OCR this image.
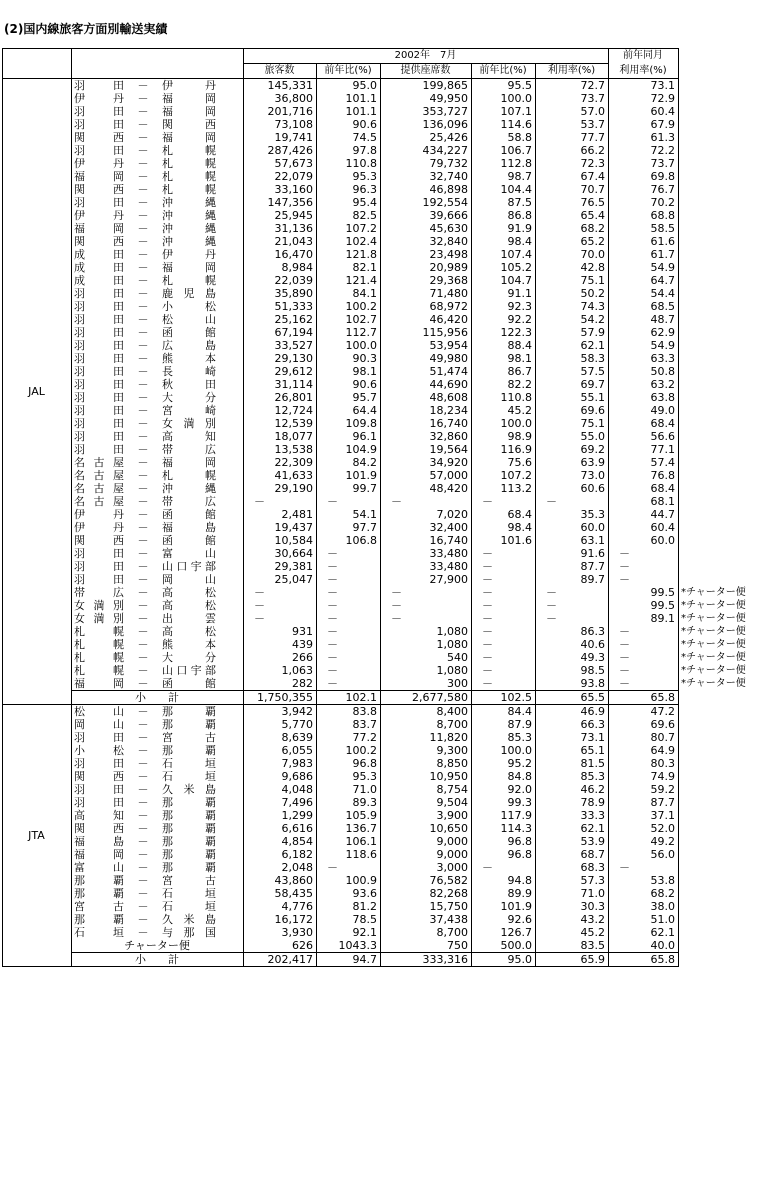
(2)国内線旅客方面別輸送実績
		2002年　7月					前年同月	
		旅客数	前年比(%)	提供座席数	前年比(%)	利用率(%)	利用率(%)	
JAL	羽田 － 伊丹	145,331	95.0	199,865	95.5	72.7	73.1	

	伊丹 － 福岡	36,800	101.1	49,950	100.0	73.7	72.9	

	羽田 － 福岡	201,716	101.1	353,727	107.1	57.0	60.4	

	羽田 － 関西	73,108	90.6	136,096	114.6	53.7	67.9	

	関西 － 福岡	19,741	74.5	25,426	58.8	77.7	61.3	

	羽田 － 札幌	287,426	97.8	434,227	106.7	66.2	72.2	

	伊丹 － 札幌	57,673	110.8	79,732	112.8	72.3	73.7	

	福岡 － 札幌	22,079	95.3	32,740	98.7	67.4	69.8	

	関西 － 札幌	33,160	96.3	46,898	104.4	70.7	76.7	

	羽田 － 沖縄	147,356	95.4	192,554	87.5	76.5	70.2	

	伊丹 － 沖縄	25,945	82.5	39,666	86.8	65.4	68.8	

	福岡 － 沖縄	31,136	107.2	45,630	91.9	68.2	58.5	

	関西 － 沖縄	21,043	102.4	32,840	98.4	65.2	61.6	

	成田 － 伊丹	16,470	121.8	23,498	107.4	70.0	61.7	

	成田 － 福岡	8,984	82.1	20,989	105.2	42.8	54.9	

	成田 － 札幌	22,039	121.4	29,368	104.7	75.1	64.7	

	羽田 － 鹿児島	35,890	84.1	71,480	91.1	50.2	54.4	

	羽田 － 小松	51,333	100.2	68,972	92.3	74.3	68.5	

	羽田 － 松山	25,162	102.7	46,420	92.2	54.2	48.7	

	羽田 － 函館	67,194	112.7	115,956	122.3	57.9	62.9	

	羽田 － 広島	33,527	100.0	53,954	88.4	62.1	54.9	

	羽田 － 熊本	29,130	90.3	49,980	98.1	58.3	63.3	

	羽田 － 長崎	29,612	98.1	51,474	86.7	57.5	50.8	

	羽田 － 秋田	31,114	90.6	44,690	82.2	69.7	63.2	

	羽田 － 大分	26,801	95.7	48,608	110.8	55.1	63.8	

	羽田 － 宮崎	12,724	64.4	18,234	45.2	69.6	49.0	

	羽田 － 女満別	12,539	109.8	16,740	100.0	75.1	68.4	

	羽田 － 高知	18,077	96.1	32,860	98.9	55.0	56.6	

	羽田 － 帯広	13,538	104.9	19,564	116.9	69.2	77.1	

	名古屋 － 福岡	22,309	84.2	34,920	75.6	63.9	57.4	

	名古屋 － 札幌	41,633	101.9	57,000	107.2	73.0	76.8	

	名古屋 － 沖縄	29,190	99.7	48,420	113.2	60.6	68.4	

	名古屋 － 帯広	－	－	－	－	－	68.1	

	伊丹 － 函館	2,481	54.1	7,020	68.4	35.3	44.7	

	伊丹 － 福島	19,437	97.7	32,400	98.4	60.0	60.4	

	関西 － 函館	10,584	106.8	16,740	101.6	63.1	60.0	

	羽田 － 富山	30,664	－	33,480	－	91.6	－	

	羽田 － 山口宇部	29,381	－	33,480	－	87.7	－	

	羽田 － 岡山	25,047	－	27,900	－	89.7	－	

	帯広 － 高松	－	－	－	－	－	99.5	*チャーター便

	女満別 － 高松	－	－	－	－	－	99.5	*チャーター便

	女満別 － 出雲	－	－	－	－	－	89.1	*チャーター便

	札幌 － 高松	931	－	1,080	－	86.3	－	*チャーター便

	札幌 － 熊本	439	－	1,080	－	40.6	－	*チャーター便

	札幌 － 大分	266	－	540	－	49.3	－	*チャーター便

	札幌 － 山口宇部	1,063	－	1,080	－	98.5	－	*チャーター便

	福岡 － 函館	282	－	300	－	93.8	－	*チャーター便
	小　　計	1,750,355	102.1	2,677,580	102.5	65.5	65.8	
JTA	松山 － 那覇	3,942	83.8	8,400	84.4	46.9	47.2	

	岡山 － 那覇	5,770	83.7	8,700	87.9	66.3	69.6	

	羽田 － 宮古	8,639	77.2	11,820	85.3	73.1	80.7	

	小松 － 那覇	6,055	100.2	9,300	100.0	65.1	64.9	

	羽田 － 石垣	7,983	96.8	8,850	95.2	81.5	80.3	

	関西 － 石垣	9,686	95.3	10,950	84.8	85.3	74.9	

	羽田 － 久米島	4,048	71.0	8,754	92.0	46.2	59.2	

	羽田 － 那覇	7,496	89.3	9,504	99.3	78.9	87.7	

	高知 － 那覇	1,299	105.9	3,900	117.9	33.3	37.1	

	関西 － 那覇	6,616	136.7	10,650	114.3	62.1	52.0	

	福島 － 那覇	4,854	106.1	9,000	96.8	53.9	49.2	

	福岡 － 那覇	6,182	118.6	9,000	96.8	68.7	56.0	

	富山 － 那覇	2,048	－	3,000	－	68.3	－	

	那覇 － 宮古	43,860	100.9	76,582	94.8	57.3	53.8	

	那覇 － 石垣	58,435	93.6	82,268	89.9	71.0	68.2	

	宮古 － 石垣	4,776	81.2	15,750	101.9	30.3	38.0	

	那覇 － 久米島	16,172	78.5	37,438	92.6	43.2	51.0	

	石垣 － 与那国	3,930	92.1	8,700	126.7	45.2	62.1	
	チャーター便	626	1043.3	750	500.0	83.5	40.0	
	小　　計	202,417	94.7	333,316	95.0	65.9	65.8	
